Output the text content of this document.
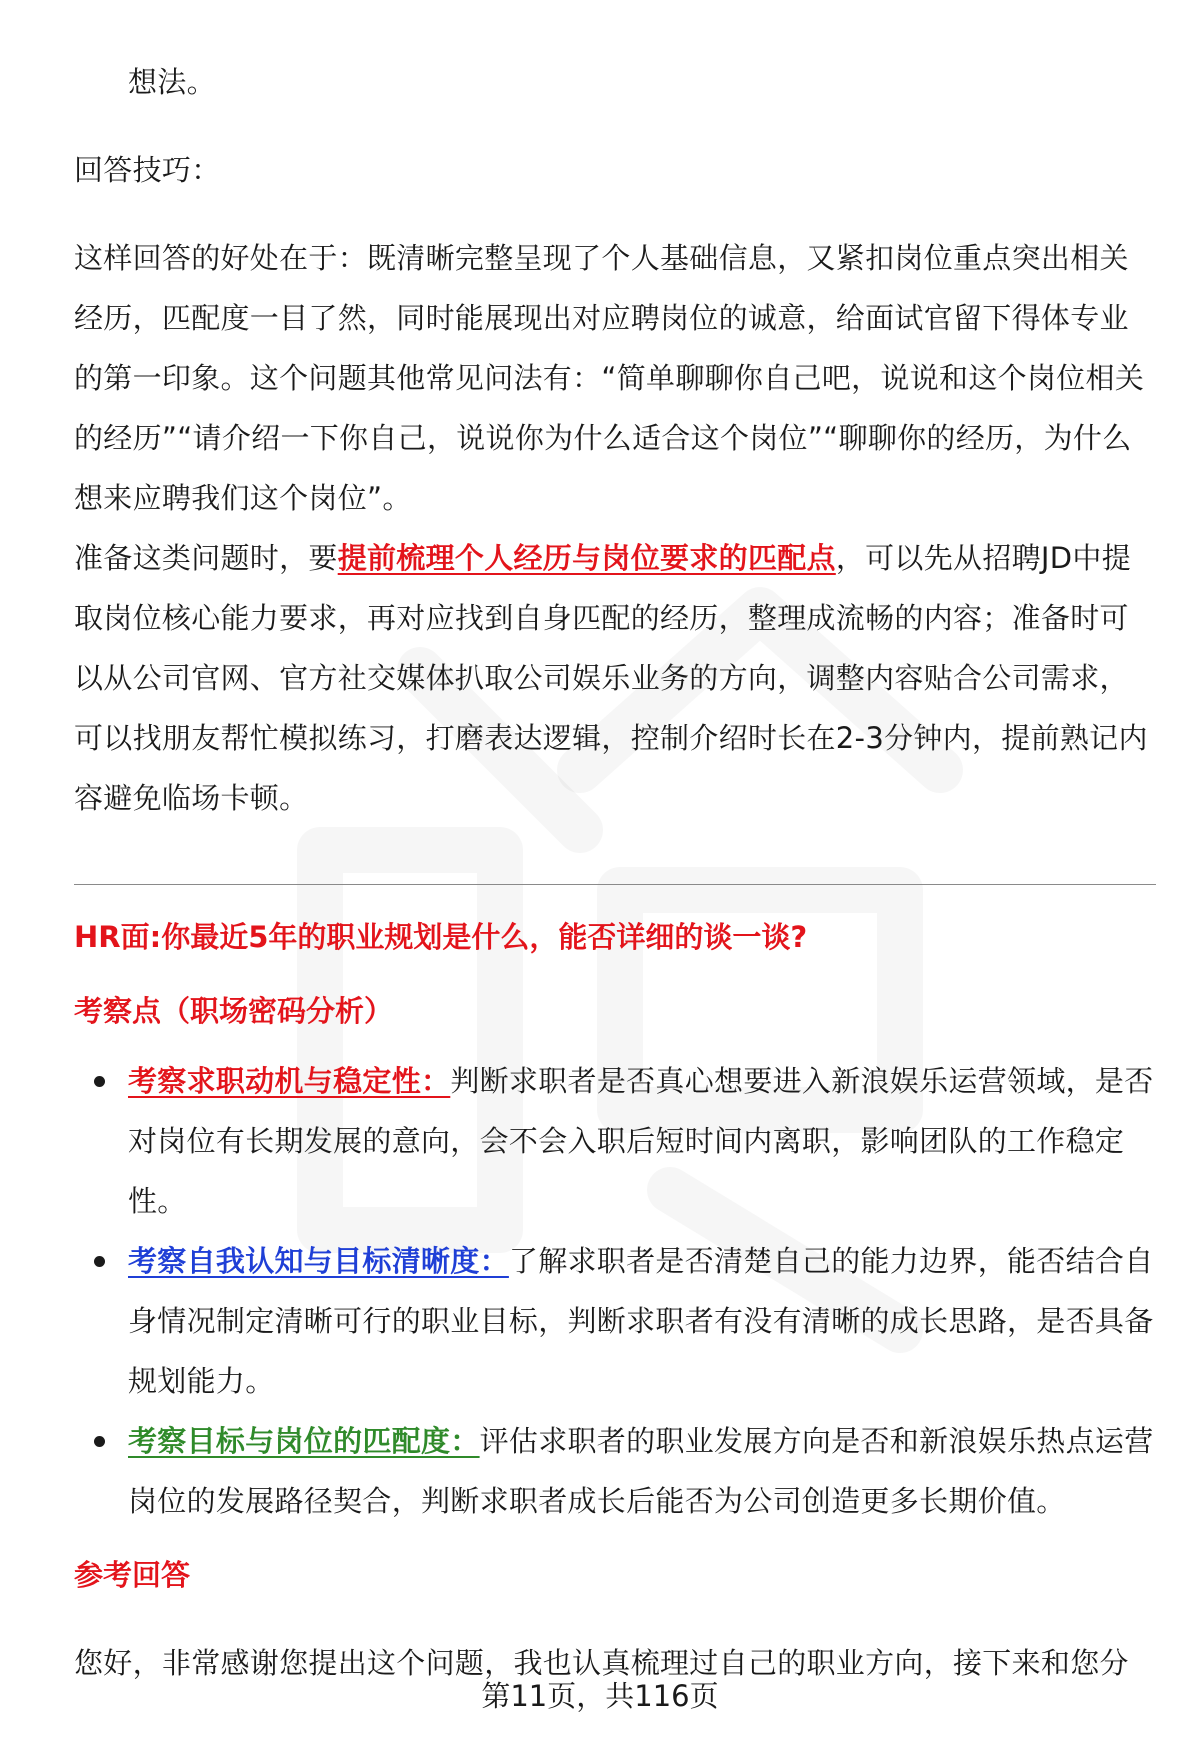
想法。

回答技巧：

这样回答的好处在于：既清晰完整呈现了个人基础信息，又紧扣岗位重点突出相关经历，匹配度一目了然，同时能展现出对应聘岗位的诚意，给面试官留下得体专业的第一印象。这个问题其他常见问法有：“简单聊聊你自己吧，说说和这个岗位相关的经历”“请介绍一下你自己，说说你为什么适合这个岗位”“聊聊你的经历，为什么想来应聘我们这个岗位”。

准备这类问题时，要提前梳理个人经历与岗位要求的匹配点，可以先从招聘JD中提取岗位核心能力要求，再对应找到自身匹配的经历，整理成流畅的内容；准备时可以从公司官网、官方社交媒体扒取公司娱乐业务的方向，调整内容贴合公司需求，可以找朋友帮忙模拟练习，打磨表达逻辑，控制介绍时长在2-3分钟内，提前熟记内容避免临场卡顿。

HR面:你最近5年的职业规划是什么，能否详细的谈一谈?

考察点（职场密码分析）

考察求职动机与稳定性：判断求职者是否真心想要进入新浪娱乐运营领域，是否对岗位有长期发展的意向，会不会入职后短时间内离职，影响团队的工作稳定性。
考察自我认知与目标清晰度：了解求职者是否清楚自己的能力边界，能否结合自身情况制定清晰可行的职业目标，判断求职者有没有清晰的成长思路，是否具备规划能力。
考察目标与岗位的匹配度：评估求职者的职业发展方向是否和新浪娱乐热点运营岗位的发展路径契合，判断求职者成长后能否为公司创造更多长期价值。

参考回答

您好，非常感谢您提出这个问题，我也认真梳理过自己的职业方向，接下来和您分

第11页，共116页
